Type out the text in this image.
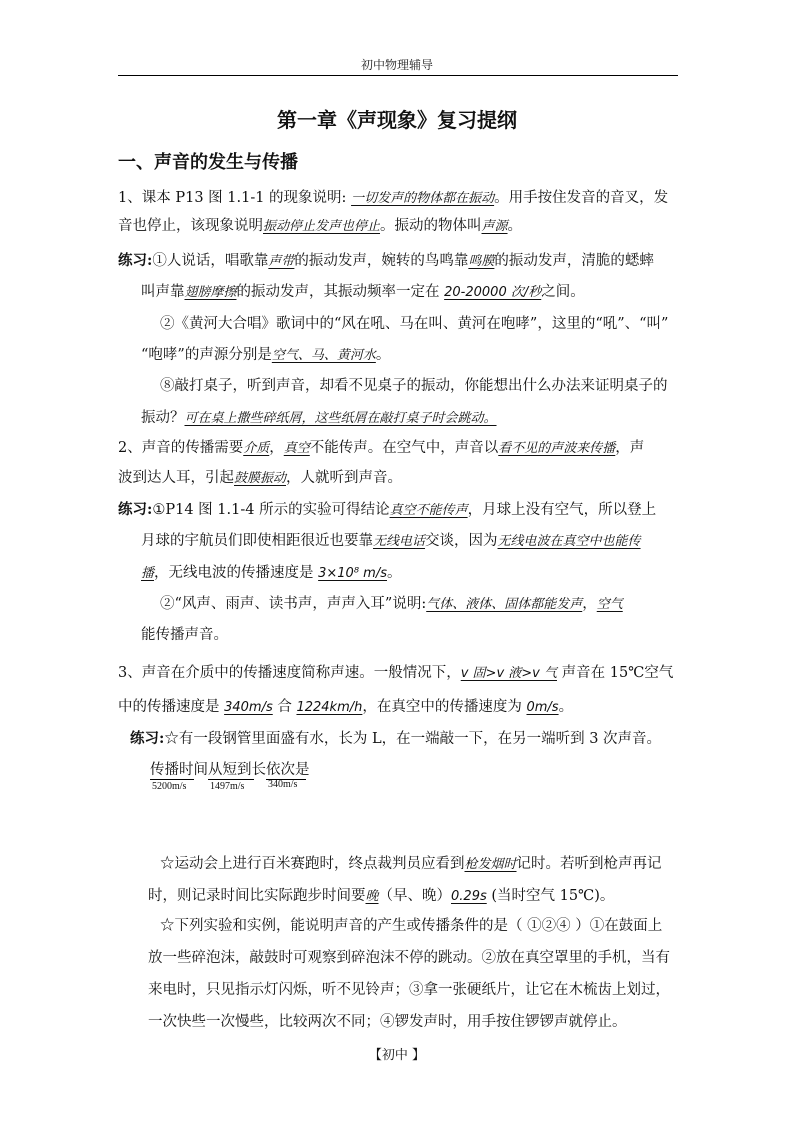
初中物理辅导
第一章《声现象》复习提纲
一、声音的发生与传播
1、课本 P13 图 1.1-1 的现象说明: 一切发声的物体都在振动。用手按住发音的音叉，发
音也停止，该现象说明振动停止发声也停止。振动的物体叫声源。
练习:①人说话，唱歌靠声带的振动发声，婉转的鸟鸣靠鸣膜的振动发声，清脆的蟋蟀
叫声靠翅膀摩擦的振动发声，其振动频率一定在 20-20000 次/秒之间。
②《黄河大合唱》歌词中的“风在吼、马在叫、黄河在咆哮”，这里的“吼”、“叫”
“咆哮”的声源分别是空气、马、黄河水。
⑧敲打桌子，听到声音，却看不见桌子的振动，你能想出什么办法来证明桌子的
振动？可在桌上撒些碎纸屑，这些纸屑在敲打桌子时会跳动。
2、声音的传播需要介质，真空不能传声。在空气中，声音以看不见的声波来传播，声
波到达人耳，引起鼓膜振动，人就听到声音。
练习:①P14 图 1.1-4 所示的实验可得结论真空不能传声，月球上没有空气，所以登上
月球的宇航员们即使相距很近也要靠无线电话交谈，因为无线电波在真空中也能传
播，无线电波的传播速度是 3×10⁸ m/s。
②“风声、雨声、读书声，声声入耳”说明:气体、液体、固体都能发声，空气
能传播声音。
3、声音在介质中的传播速度简称声速。一般情况下，v 固>v 液>v 气 声音在 15℃空气
中的传播速度是 340m/s 合 1224km/h，在真空中的传播速度为 0m/s。
练习:☆有一段钢管里面盛有水，长为 L，在一端敲一下，在另一端听到 3 次声音。
传播时间从短到长依次是
5200m/s 1497m/s 340m/s
☆运动会上进行百米赛跑时，终点裁判员应看到枪发烟时记时。若听到枪声再记
时，则记录时间比实际跑步时间要晚（早、晚）0.29s (当时空气 15℃)。
☆下列实验和实例，能说明声音的产生或传播条件的是（ ①②④ ）①在鼓面上
放一些碎泡沫，敲鼓时可观察到碎泡沫不停的跳动。②放在真空罩里的手机，当有
来电时，只见指示灯闪烁，听不见铃声；③拿一张硬纸片，让它在木梳齿上划过，
一次快些一次慢些，比较两次不同；④锣发声时，用手按住锣锣声就停止。
【初中 】
